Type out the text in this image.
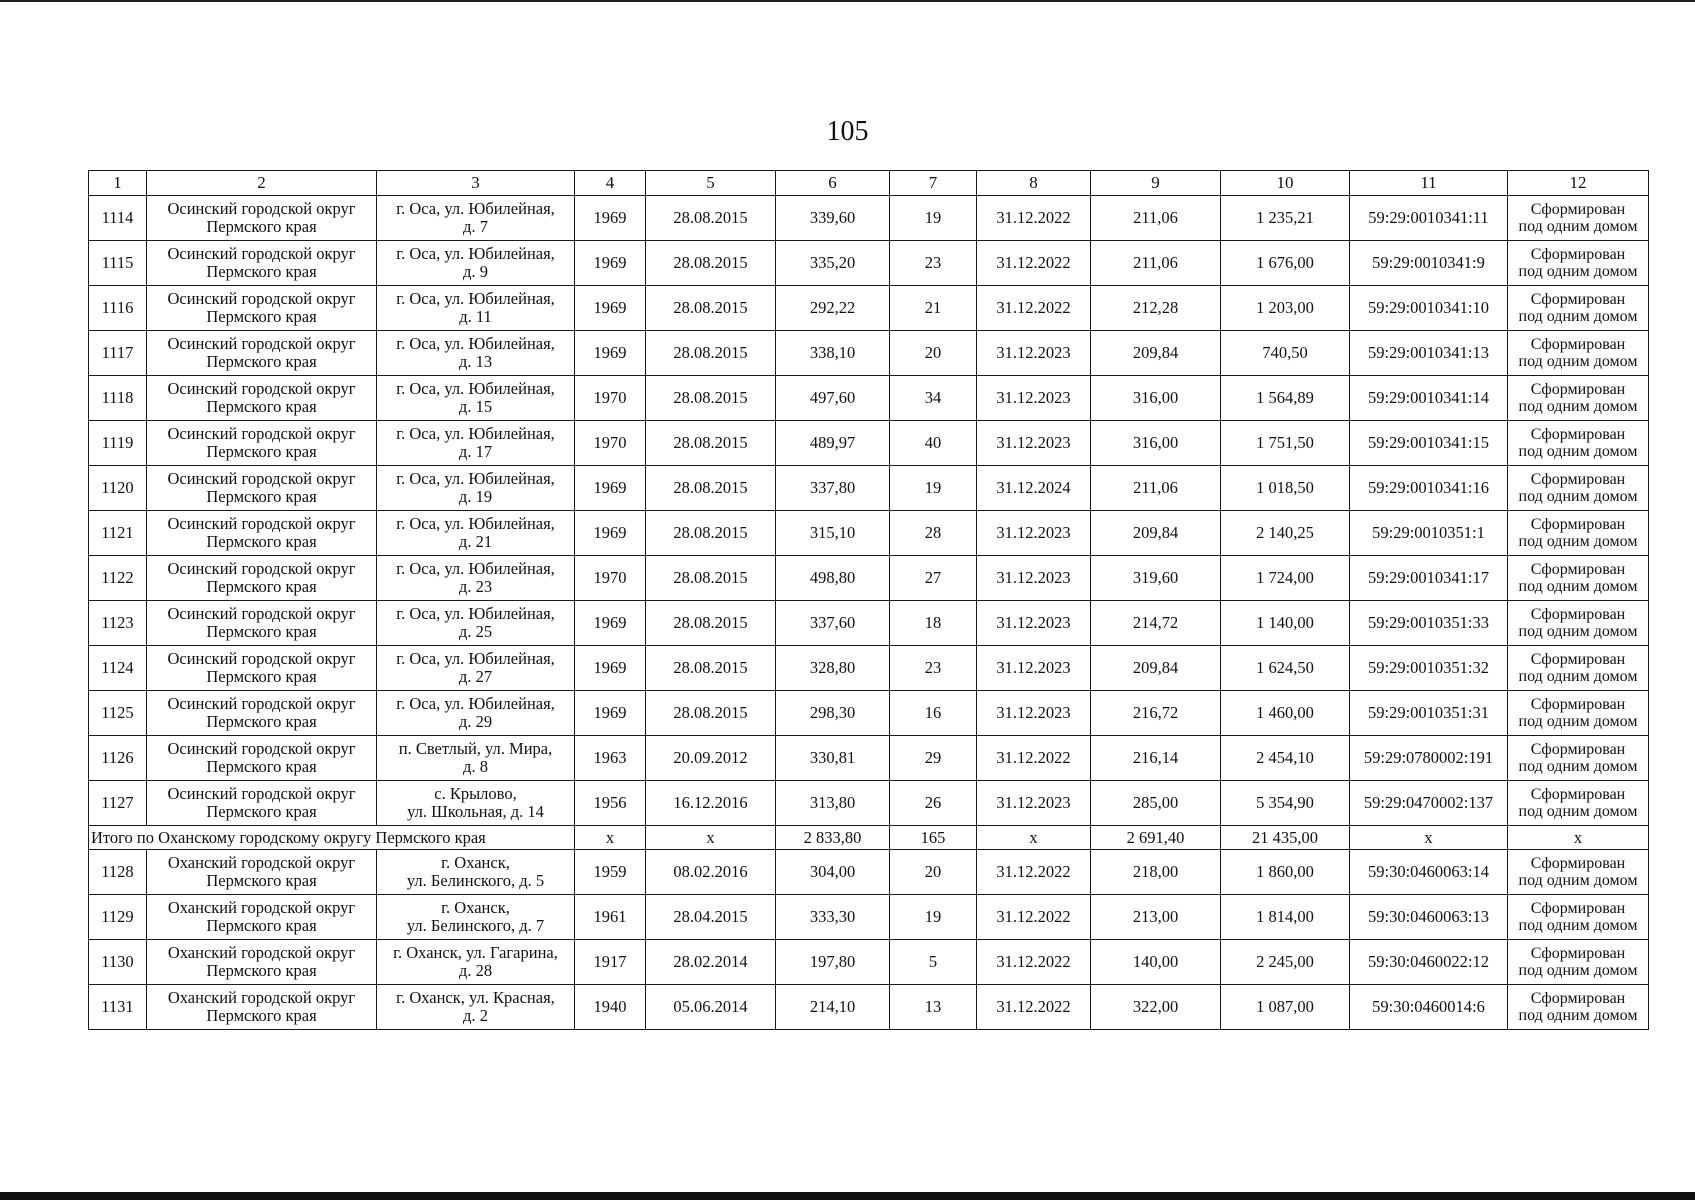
105
1	2	3	4	5	6	7	8	9	10	11	12
1114	Осинский городской округ
Пермского края	г. Оса, ул. Юбилейная,
д. 7	1969	28.08.2015	339,60	19	31.12.2022	211,06	1 235,21	59:29:0010341:11	Сформирован
под одним домом

1115	Осинский городской округ
Пермского края	г. Оса, ул. Юбилейная,
д. 9	1969	28.08.2015	335,20	23	31.12.2022	211,06	1 676,00	59:29:0010341:9	Сформирован
под одним домом

1116	Осинский городской округ
Пермского края	г. Оса, ул. Юбилейная,
д. 11	1969	28.08.2015	292,22	21	31.12.2022	212,28	1 203,00	59:29:0010341:10	Сформирован
под одним домом

1117	Осинский городской округ
Пермского края	г. Оса, ул. Юбилейная,
д. 13	1969	28.08.2015	338,10	20	31.12.2023	209,84	740,50	59:29:0010341:13	Сформирован
под одним домом

1118	Осинский городской округ
Пермского края	г. Оса, ул. Юбилейная,
д. 15	1970	28.08.2015	497,60	34	31.12.2023	316,00	1 564,89	59:29:0010341:14	Сформирован
под одним домом

1119	Осинский городской округ
Пермского края	г. Оса, ул. Юбилейная,
д. 17	1970	28.08.2015	489,97	40	31.12.2023	316,00	1 751,50	59:29:0010341:15	Сформирован
под одним домом

1120	Осинский городской округ
Пермского края	г. Оса, ул. Юбилейная,
д. 19	1969	28.08.2015	337,80	19	31.12.2024	211,06	1 018,50	59:29:0010341:16	Сформирован
под одним домом

1121	Осинский городской округ
Пермского края	г. Оса, ул. Юбилейная,
д. 21	1969	28.08.2015	315,10	28	31.12.2023	209,84	2 140,25	59:29:0010351:1	Сформирован
под одним домом

1122	Осинский городской округ
Пермского края	г. Оса, ул. Юбилейная,
д. 23	1970	28.08.2015	498,80	27	31.12.2023	319,60	1 724,00	59:29:0010341:17	Сформирован
под одним домом

1123	Осинский городской округ
Пермского края	г. Оса, ул. Юбилейная,
д. 25	1969	28.08.2015	337,60	18	31.12.2023	214,72	1 140,00	59:29:0010351:33	Сформирован
под одним домом

1124	Осинский городской округ
Пермского края	г. Оса, ул. Юбилейная,
д. 27	1969	28.08.2015	328,80	23	31.12.2023	209,84	1 624,50	59:29:0010351:32	Сформирован
под одним домом

1125	Осинский городской округ
Пермского края	г. Оса, ул. Юбилейная,
д. 29	1969	28.08.2015	298,30	16	31.12.2023	216,72	1 460,00	59:29:0010351:31	Сформирован
под одним домом

1126	Осинский городской округ
Пермского края	п. Светлый, ул. Мира,
д. 8	1963	20.09.2012	330,81	29	31.12.2022	216,14	2 454,10	59:29:0780002:191	Сформирован
под одним домом

1127	Осинский городской округ
Пермского края	с. Крылово,
ул. Школьная, д. 14	1956	16.12.2016	313,80	26	31.12.2023	285,00	5 354,90	59:29:0470002:137	Сформирован
под одним домом

Итого по Оханскому городскому округу Пермского края			x	x	2 833,80	165	x	2 691,40	21 435,00	x	x
1128	Оханский городской округ
Пермского края	г. Оханск,
ул. Белинского, д. 5	1959	08.02.2016	304,00	20	31.12.2022	218,00	1 860,00	59:30:0460063:14	Сформирован
под одним домом

1129	Оханский городской округ
Пермского края	г. Оханск,
ул. Белинского, д. 7	1961	28.04.2015	333,30	19	31.12.2022	213,00	1 814,00	59:30:0460063:13	Сформирован
под одним домом

1130	Оханский городской округ
Пермского края	г. Оханск, ул. Гагарина,
д. 28	1917	28.02.2014	197,80	5	31.12.2022	140,00	2 245,00	59:30:0460022:12	Сформирован
под одним домом

1131	Оханский городской округ
Пермского края	г. Оханск, ул. Красная,
д. 2	1940	05.06.2014	214,10	13	31.12.2022	322,00	1 087,00	59:30:0460014:6	Сформирован
под одним домом
